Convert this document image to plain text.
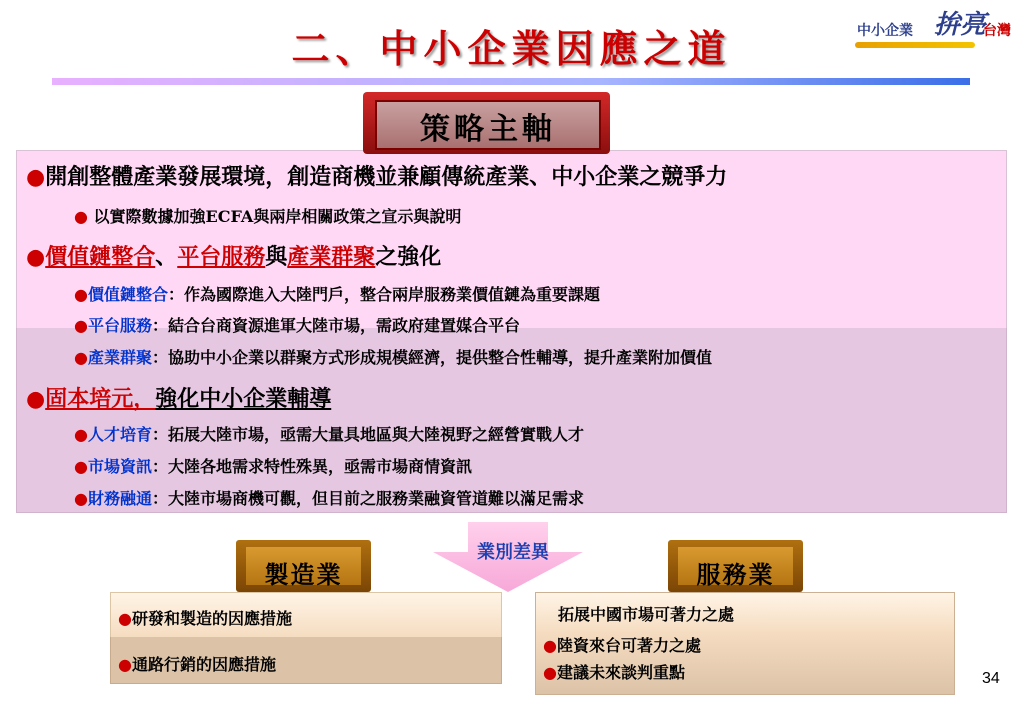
二、中小企業因應之道	中小企業 拚亮
台灣
策略主軸
●開創整體產業發展環境，創造商機並兼顧傳統產業、中小企業之競爭力
● 以實際數據加強ECFA與兩岸相關政策之宣示與說明
●價值鏈整合、平台服務與產業群聚之強化
●價值鏈整合：作為國際進入大陸門戶，整合兩岸服務業價值鏈為重要課題
●平台服務：結合台商資源進軍大陸市場，需政府建置媒合平台
●產業群聚：協助中小企業以群聚方式形成規模經濟，提供整合性輔導，提升產業附加價值
●固本培元，強化中小企業輔導
●人才培育：拓展大陸市場，亟需大量具地區與大陸視野之經營實戰人才
●市場資訊：大陸各地需求特性殊異，亟需市場商情資訊
●財務融通：大陸市場商機可觀，但目前之服務業融資管道難以滿足需求
業別差異
製造業	服務業
●研發和製造的因應措施
●通路行銷的因應措施
拓展中國市場可著力之處
●陸資來台可著力之處
●建議未來談判重點	34
